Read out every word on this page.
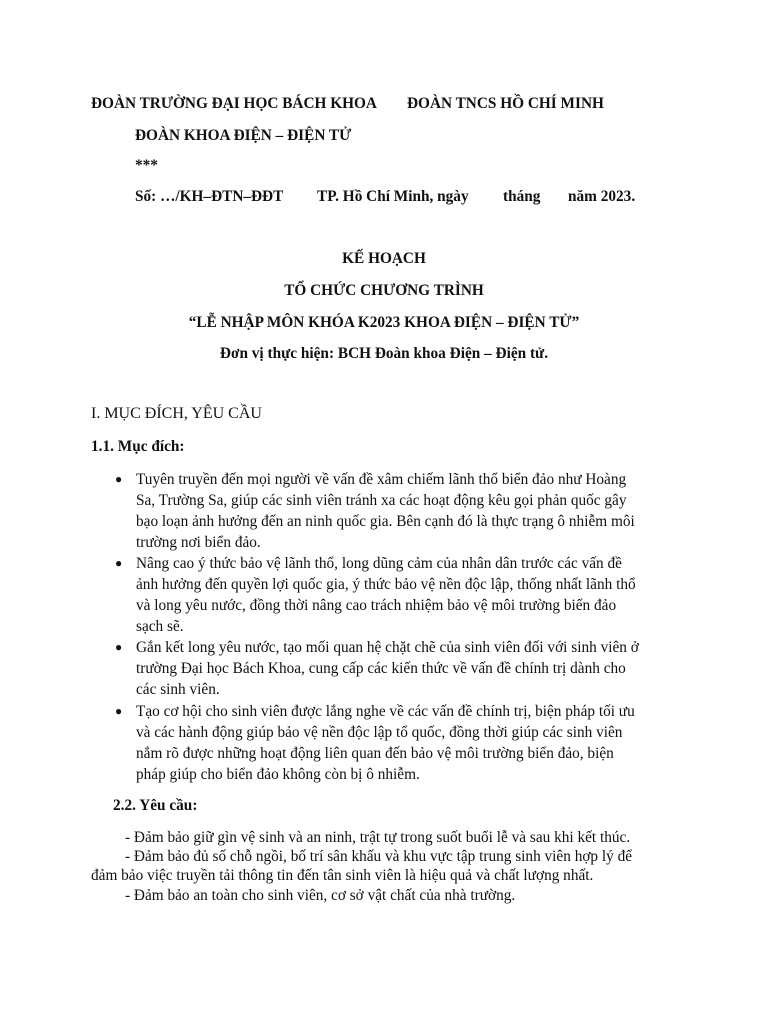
ĐOÀN TRƯỜNG ĐẠI HỌC BÁCH KHOA ĐOÀN TNCS HỒ CHÍ MINH
ĐOÀN KHOA ĐIỆN – ĐIỆN TỬ
***
Số: …/KH–ĐTN–ĐĐT TP. Hồ Chí Minh, ngày tháng năm 2023.
KẾ HOẠCH
TỔ CHỨC CHƯƠNG TRÌNH
“LỄ NHẬP MÔN KHÓA K2023 KHOA ĐIỆN – ĐIỆN TỬ”
Đơn vị thực hiện: BCH Đoàn khoa Điện – Điện tử.
I. MỤC ĐÍCH, YÊU CẦU
1.1. Mục đích:
● Tuyên truyền đến mọi người về vấn đề xâm chiếm lãnh thổ biển đảo như Hoàng
Sa, Trường Sa, giúp các sinh viên tránh xa các hoạt động kêu gọi phản quốc gây
bạo loạn ảnh hưởng đến an ninh quốc gia. Bên cạnh đó là thực trạng ô nhiễm môi
trường nơi biển đảo.
● Nâng cao ý thức bảo vệ lãnh thổ, long dũng cảm của nhân dân trước các vấn đề
ảnh hưởng đến quyền lợi quốc gia, ý thức bảo vệ nền độc lập, thống nhất lãnh thổ
và long yêu nước, đồng thời nâng cao trách nhiệm bảo vệ môi trường biển đảo
sạch sẽ.
● Gắn kết long yêu nước, tạo mối quan hệ chặt chẽ của sinh viên đối với sinh viên ở
trường Đại học Bách Khoa, cung cấp các kiến thức về vấn đề chính trị dành cho
các sinh viên.
● Tạo cơ hội cho sinh viên được lắng nghe về các vấn đề chính trị, biện pháp tối ưu
và các hành động giúp bảo vệ nền độc lập tổ quốc, đồng thời giúp các sinh viên
nắm rõ được những hoạt động liên quan đến bảo vệ môi trường biển đảo, biện
pháp giúp cho biển đảo không còn bị ô nhiễm.
2.2. Yêu cầu:
- Đảm bảo giữ gìn vệ sinh và an ninh, trật tự trong suốt buổi lễ và sau khi kết thúc.
- Đảm bảo đủ số chỗ ngồi, bố trí sân khấu và khu vực tập trung sinh viên hợp lý để
đảm bảo việc truyền tải thông tin đến tân sinh viên là hiệu quả và chất lượng nhất.
- Đảm bảo an toàn cho sinh viên, cơ sở vật chất của nhà trường.
